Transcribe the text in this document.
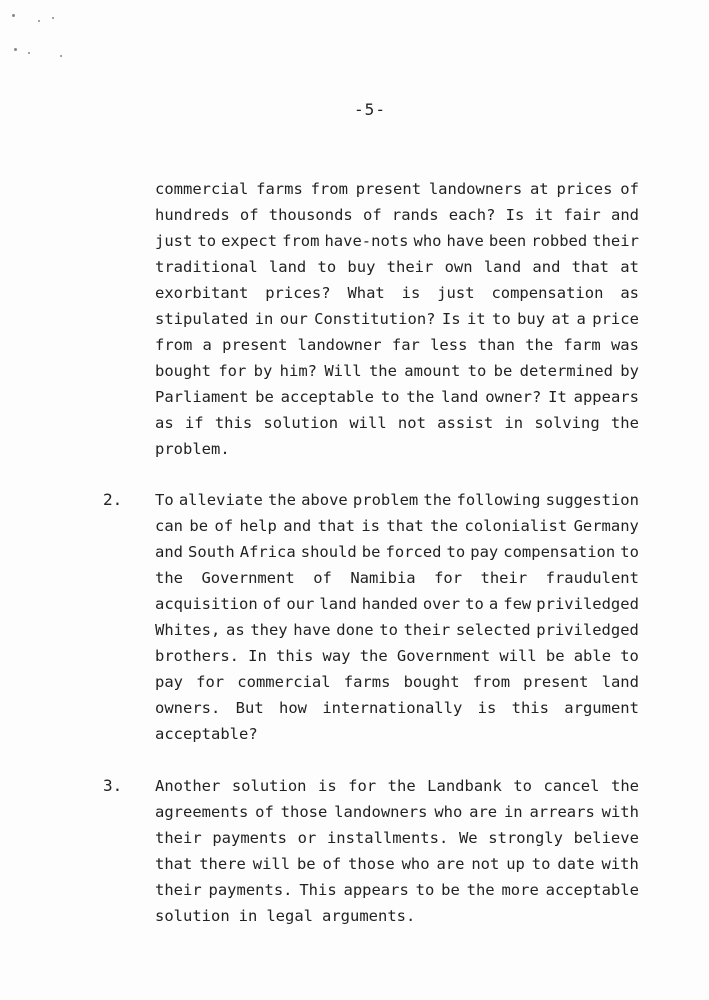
-5-
commercial farms from present landowners at prices of
hundreds of thousonds of rands each? Is it fair and
just to expect from have-nots who have been robbed their
traditional land to buy their own land and that at
exorbitant prices? What is just compensation as
stipulated in our Constitution? Is it to buy at a price
from a present landowner far less than the farm was
bought for by him? Will the amount to be determined by
Parliament be acceptable to the land owner? It appears
as if this solution will not assist in solving the
problem.
2. To alleviate the above problem the following suggestion
can be of help and that is that the colonialist Germany
and South Africa should be forced to pay compensation to
the Government of Namibia for their fraudulent
acquisition of our land handed over to a few priviledged
Whites, as they have done to their selected priviledged
brothers. In this way the Government will be able to
pay for commercial farms bought from present land
owners. But how internationally is this argument
acceptable?
3. Another solution is for the Landbank to cancel the
agreements of those landowners who are in arrears with
their payments or installments. We strongly believe
that there will be of those who are not up to date with
their payments. This appears to be the more acceptable
solution in legal arguments.
